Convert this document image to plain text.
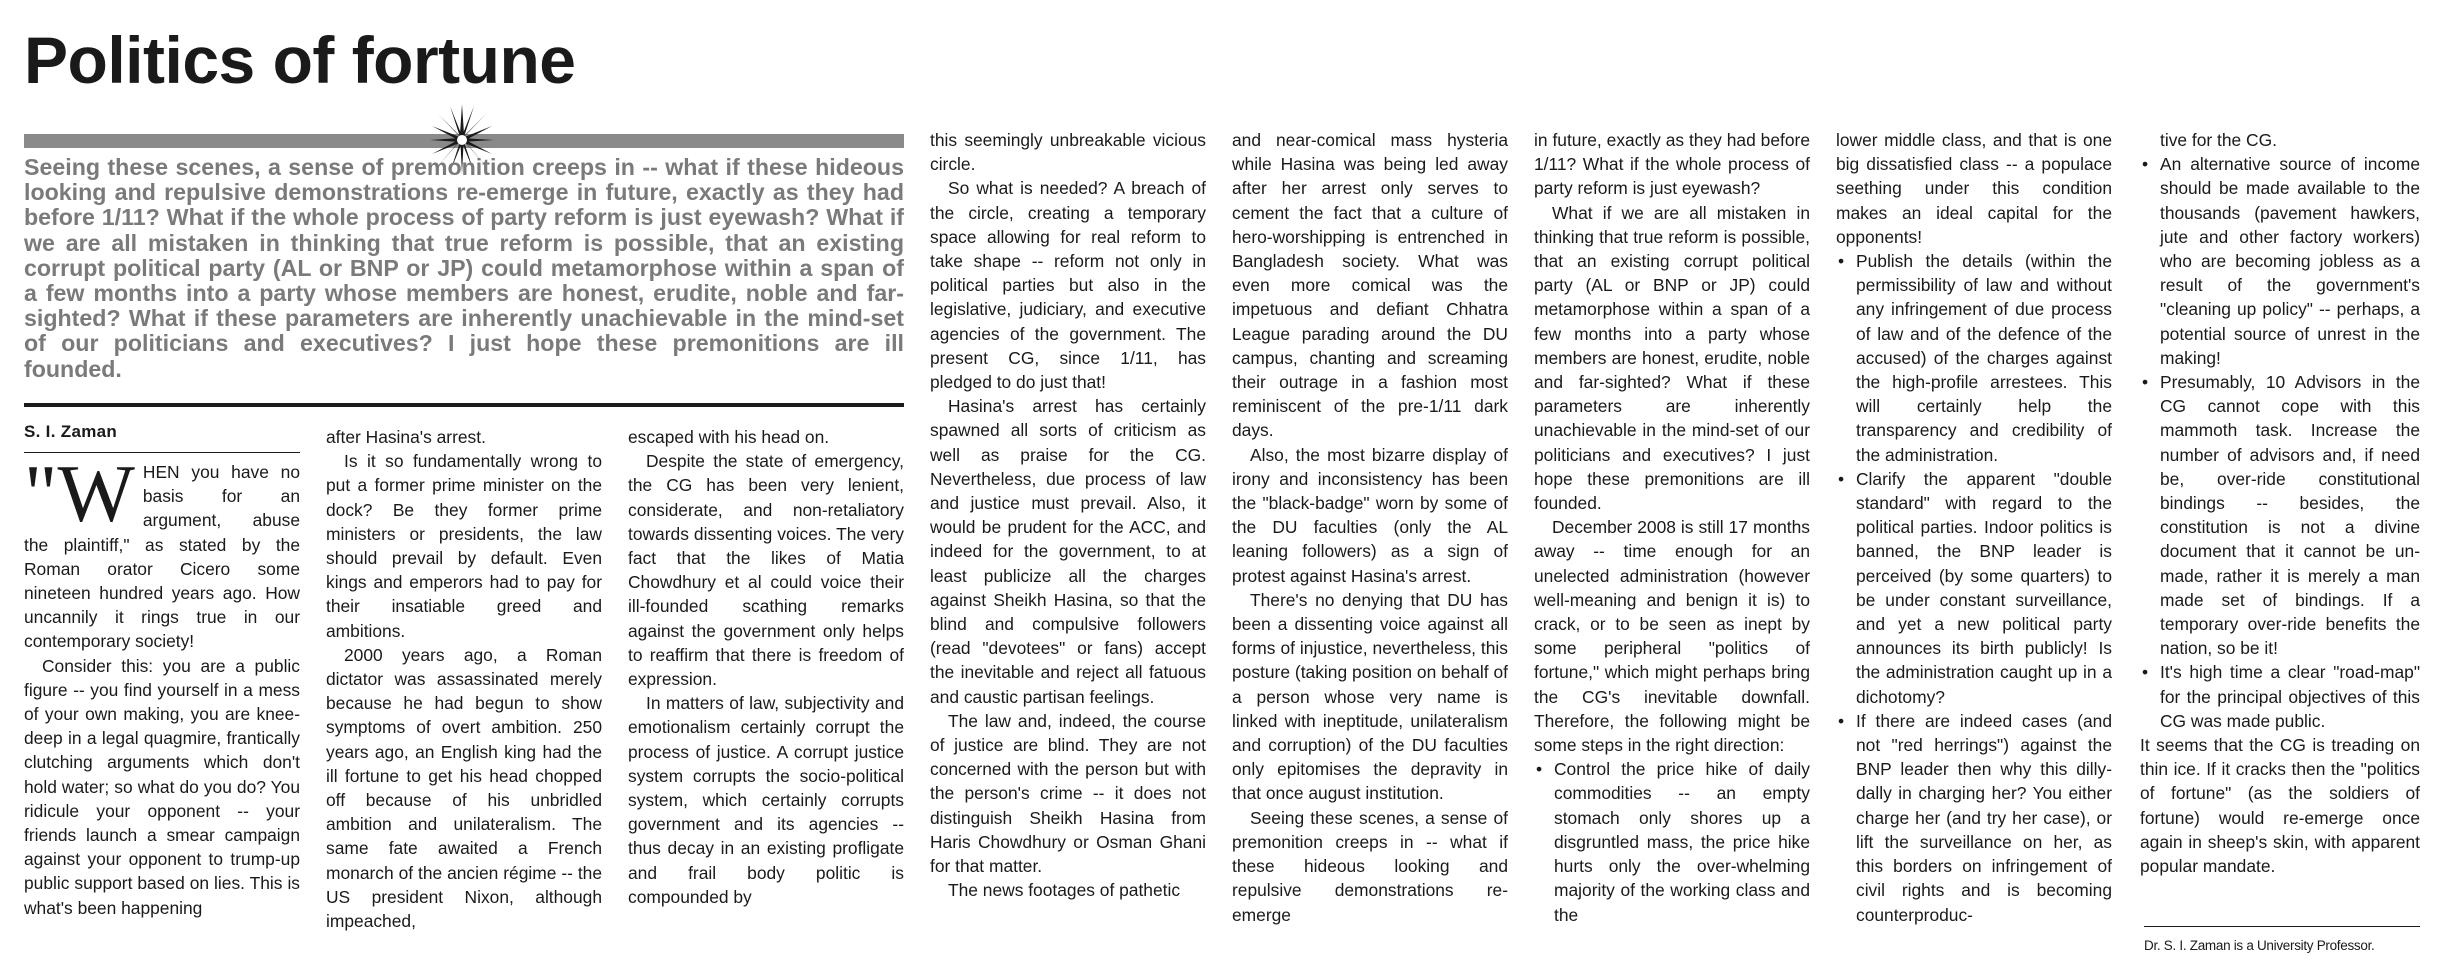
Politics of fortune

Seeing these scenes, a sense of premonition creeps in -- what if these hideous looking and repulsive demonstrations re-emerge in future, exactly as they had before 1/11? What if the whole process of party reform is just eyewash? What if we are all mistaken in thinking that true reform is possible, that an existing corrupt political party (AL or BNP or JP) could metamorphose within a span of a few months into a party whose members are honest, erudite, noble and far-sighted? What if these parameters are inherently unachievable in the mind-set of our politicians and executives? I just hope these premonitions are ill founded.

S. I. Zaman

"W HEN you have no basis for an argument, abuse the plaintiff," as stated by the Roman orator Cicero some nineteen hundred years ago. How uncannily it rings true in our contemporary society!

Consider this: you are a public figure -- you find yourself in a mess of your own making, you are knee-deep in a legal quagmire, frantically clutching arguments which don't hold water; so what do you do? You ridicule your opponent -- your friends launch a smear campaign against your opponent to trump-up public support based on lies. This is what's been happening

after Hasina's arrest.

Is it so fundamentally wrong to put a former prime minister on the dock? Be they former prime ministers or presidents, the law should prevail by default. Even kings and emperors had to pay for their insatiable greed and ambitions.

2000 years ago, a Roman dictator was assassinated merely because he had begun to show symptoms of overt ambition. 250 years ago, an English king had the ill fortune to get his head chopped off because of his unbridled ambition and unilateralism. The same fate awaited a French monarch of the ancien régime -- the US president Nixon, although impeached,

escaped with his head on.

Despite the state of emergency, the CG has been very lenient, considerate, and non-retaliatory towards dissenting voices. The very fact that the likes of Matia Chowdhury et al could voice their ill-founded scathing remarks against the government only helps to reaffirm that there is freedom of expression.

In matters of law, subjectivity and emotionalism certainly corrupt the process of justice. A corrupt justice system corrupts the socio-political system, which certainly corrupts government and its agencies -- thus decay in an existing profligate and frail body politic is compounded by

this seemingly unbreakable vicious circle.

So what is needed? A breach of the circle, creating a temporary space allowing for real reform to take shape -- reform not only in political parties but also in the legislative, judiciary, and executive agencies of the government. The present CG, since 1/11, has pledged to do just that!

Hasina's arrest has certainly spawned all sorts of criticism as well as praise for the CG. Nevertheless, due process of law and justice must prevail. Also, it would be prudent for the ACC, and indeed for the government, to at least publicize all the charges against Sheikh Hasina, so that the blind and compulsive followers (read "devotees" or fans) accept the inevitable and reject all fatuous and caustic partisan feelings.

The law and, indeed, the course of justice are blind. They are not concerned with the person but with the person's crime -- it does not distinguish Sheikh Hasina from Haris Chowdhury or Osman Ghani for that matter.

The news footages of pathetic

and near-comical mass hysteria while Hasina was being led away after her arrest only serves to cement the fact that a culture of hero-worshipping is entrenched in Bangladesh society. What was even more comical was the impetuous and defiant Chhatra League parading around the DU campus, chanting and screaming their outrage in a fashion most reminiscent of the pre-1/11 dark days.

Also, the most bizarre display of irony and inconsistency has been the "black-badge" worn by some of the DU faculties (only the AL leaning followers) as a sign of protest against Hasina's arrest.

There's no denying that DU has been a dissenting voice against all forms of injustice, nevertheless, this posture (taking position on behalf of a person whose very name is linked with ineptitude, unilateralism and corruption) of the DU faculties only epitomises the depravity in that once august institution.

Seeing these scenes, a sense of premonition creeps in -- what if these hideous looking and repulsive demonstrations re-emerge

in future, exactly as they had before 1/11? What if the whole process of party reform is just eyewash?

What if we are all mistaken in thinking that true reform is possible, that an existing corrupt political party (AL or BNP or JP) could metamorphose within a span of a few months into a party whose members are honest, erudite, noble and far-sighted? What if these parameters are inherently unachievable in the mind-set of our politicians and executives? I just hope these premonitions are ill founded.

December 2008 is still 17 months away -- time enough for an unelected administration (however well-meaning and benign it is) to crack, or to be seen as inept by some peripheral "politics of fortune," which might perhaps bring the CG's inevitable downfall. Therefore, the following might be some steps in the right direction:

• Control the price hike of daily commodities -- an empty stomach only shores up a disgruntled mass, the price hike hurts only the over-whelming majority of the working class and the

lower middle class, and that is one big dissatisfied class -- a populace seething under this condition makes an ideal capital for the opponents!

• Publish the details (within the permissibility of law and without any infringement of due process of law and of the defence of the accused) of the charges against the high-profile arrestees. This will certainly help the transparency and credibility of the administration.
• Clarify the apparent "double standard" with regard to the political parties. Indoor politics is banned, the BNP leader is perceived (by some quarters) to be under constant surveillance, and yet a new political party announces its birth publicly! Is the administration caught up in a dichotomy?
• If there are indeed cases (and not "red herrings") against the BNP leader then why this dilly-dally in charging her? You either charge her (and try her case), or lift the surveillance on her, as this borders on infringement of civil rights and is becoming counterproduc-

tive for the CG.

• An alternative source of income should be made available to the thousands (pavement hawkers, jute and other factory workers) who are becoming jobless as a result of the government's "cleaning up policy" -- perhaps, a potential source of unrest in the making!
• Presumably, 10 Advisors in the CG cannot cope with this mammoth task. Increase the number of advisors and, if need be, over-ride constitutional bindings -- besides, the constitution is not a divine document that it cannot be un-made, rather it is merely a man made set of bindings. If a temporary over-ride benefits the nation, so be it!
• It's high time a clear "road-map" for the principal objectives of this CG was made public.

It seems that the CG is treading on thin ice. If it cracks then the "politics of fortune" (as the soldiers of fortune) would re-emerge once again in sheep's skin, with apparent popular mandate.

Dr. S. I. Zaman is a University Professor.
